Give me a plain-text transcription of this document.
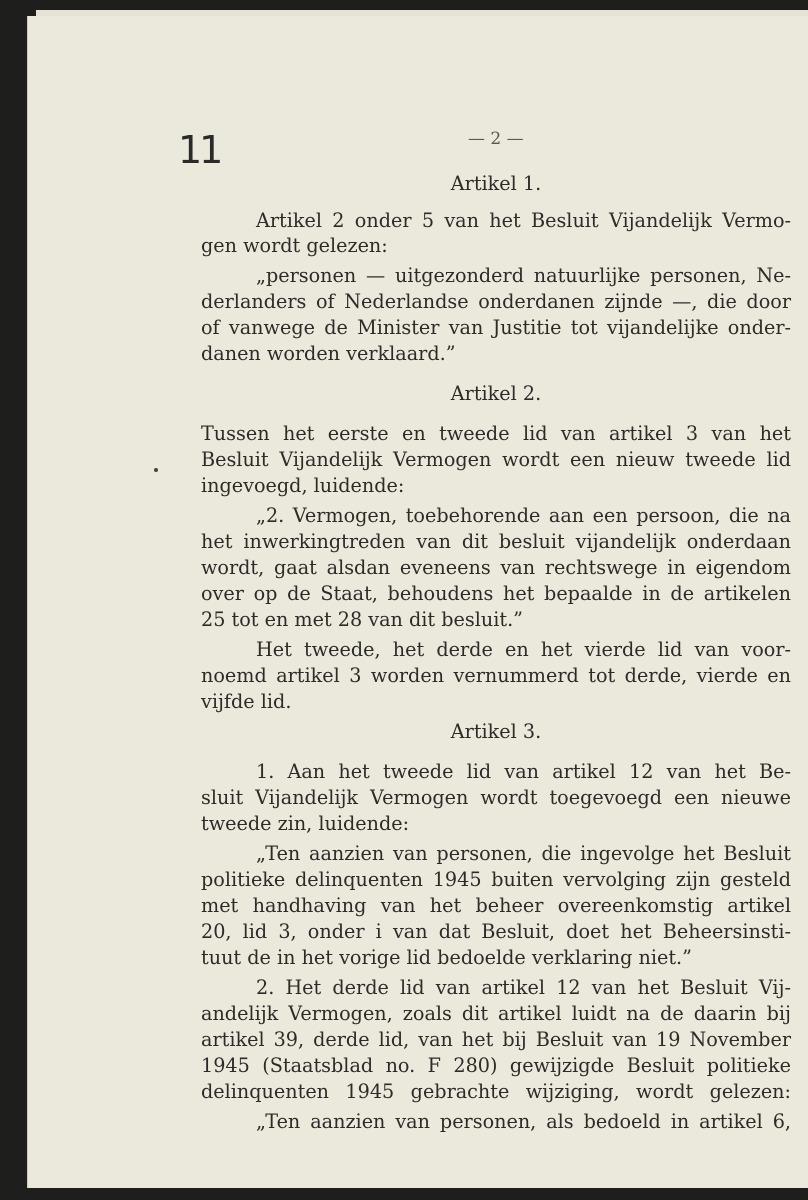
11	— 2 —
Artikel 1.
Artikel 2 onder 5 van het Besluit Vijandelijk Vermo-
gen wordt gelezen:
„personen — uitgezonderd natuurlijke personen, Ne-
derlanders of Nederlandse onderdanen zijnde —, die door
of vanwege de Minister van Justitie tot vijandelijke onder-
danen worden verklaard.”
Artikel 2.
Tussen het eerste en tweede lid van artikel 3 van het
Besluit Vijandelijk Vermogen wordt een nieuw tweede lid
ingevoegd, luidende:
„2. Vermogen, toebehorende aan een persoon, die na
het inwerkingtreden van dit besluit vijandelijk onderdaan
wordt, gaat alsdan eveneens van rechtswege in eigendom
over op de Staat, behoudens het bepaalde in de artikelen
25 tot en met 28 van dit besluit.”
Het tweede, het derde en het vierde lid van voor-
noemd artikel 3 worden vernummerd tot derde, vierde en
vijfde lid.
Artikel 3.
1. Aan het tweede lid van artikel 12 van het Be-
sluit Vijandelijk Vermogen wordt toegevoegd een nieuwe
tweede zin, luidende:
„Ten aanzien van personen, die ingevolge het Besluit
politieke delinquenten 1945 buiten vervolging zijn gesteld
met handhaving van het beheer overeenkomstig artikel
20, lid 3, onder i van dat Besluit, doet het Beheersinsti-
tuut de in het vorige lid bedoelde verklaring niet.”
2. Het derde lid van artikel 12 van het Besluit Vij-
andelijk Vermogen, zoals dit artikel luidt na de daarin bij
artikel 39, derde lid, van het bij Besluit van 19 November
1945 (Staatsblad no. F 280) gewijzigde Besluit politieke
delinquenten 1945 gebrachte wijziging, wordt gelezen:
„Ten aanzien van personen, als bedoeld in artikel 6,
